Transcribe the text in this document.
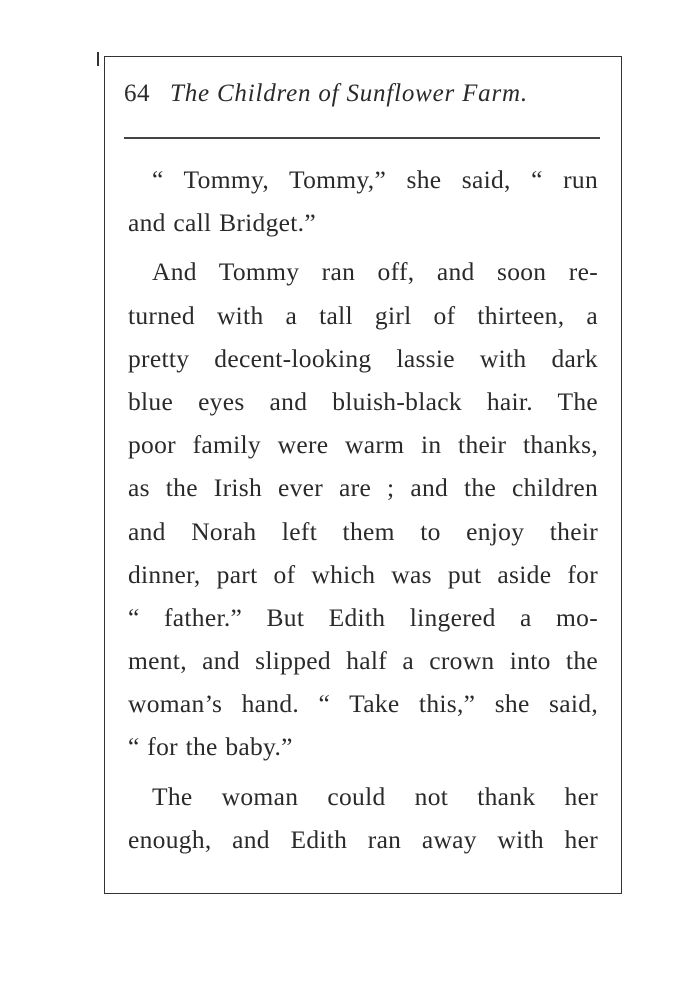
64 The Children of Sunflower Farm.
“ Tommy, Tommy,” she said, “ run
and call Bridget.”
And Tommy ran off, and soon re-
turned with a tall girl of thirteen, a
pretty decent-looking lassie with dark
blue eyes and bluish-black hair. The
poor family were warm in their thanks,
as the Irish ever are ; and the children
and Norah left them to enjoy their
dinner, part of which was put aside for
“ father.” But Edith lingered a mo-
ment, and slipped half a crown into the
woman’s hand. “ Take this,” she said,
“ for the baby.”
The woman could not thank her
enough, and Edith ran away with her
